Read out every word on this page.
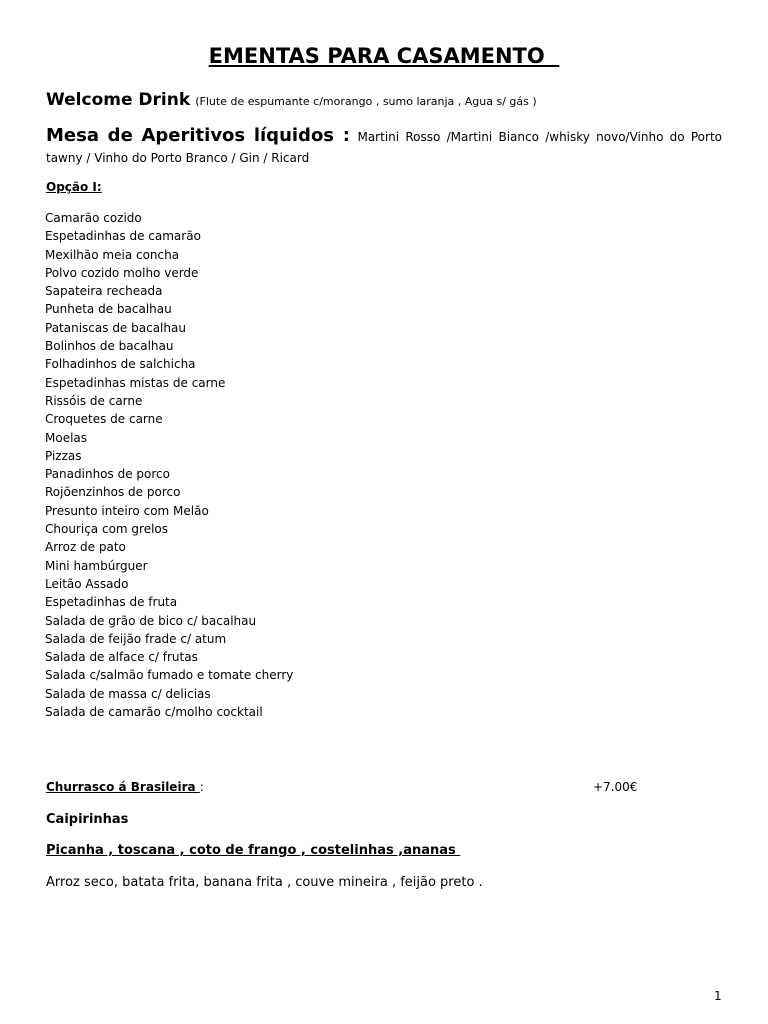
EMENTAS PARA CASAMENTO
Welcome Drink (Flute de espumante c/morango , sumo laranja , Agua s/ gás )
Mesa de Aperitivos líquidos : Martini Rosso /Martini Bianco /whisky novo/Vinho do Porto tawny / Vinho do Porto Branco / Gin / Ricard
Opção I:
Camarão cozido
Espetadinhas de camarão
Mexilhão meia concha
Polvo cozido molho verde
Sapateira recheada
Punheta de bacalhau
Pataniscas de bacalhau
Bolinhos de bacalhau
Folhadinhos de salchicha
Espetadinhas mistas de carne
Rissóis de carne
Croquetes de carne
Moelas
Pizzas
Panadinhos de porco
Rojõenzinhos de porco
Presunto inteiro com Melão
Chouriça com grelos
Arroz de pato
Mini hambúrguer
Leitão Assado
Espetadinhas de fruta
Salada de grão de bico c/ bacalhau
Salada de feijão frade c/ atum
Salada de alface c/ frutas
Salada c/salmão fumado e tomate cherry
Salada de massa c/ delicias
Salada de camarão c/molho cocktail
Churrasco á Brasileira :	+7.00€
Caipirinhas
Picanha , toscana , coto de frango , costelinhas ,ananas
Arroz seco, batata frita, banana frita , couve mineira , feijão preto .
1
